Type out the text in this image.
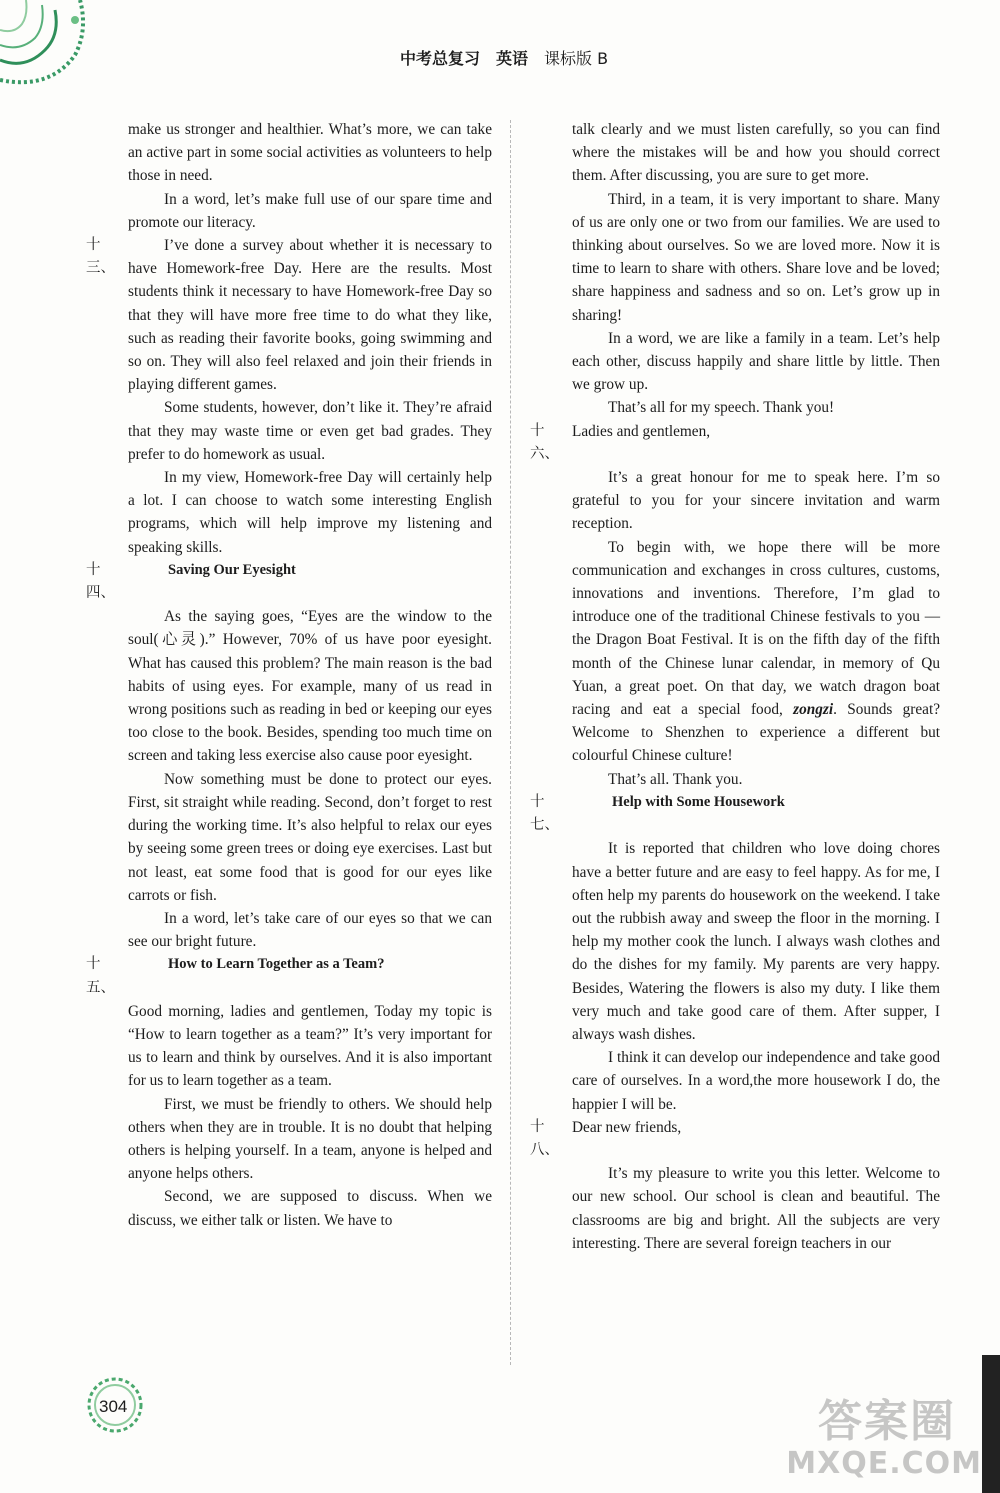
中考总复习 英语 课标版 B

make us stronger and healthier. What’s more, we can take an active part in some social activities as volunteers to help those in need.

In a word, let’s make full use of our spare time and promote our literacy.

十三、
I’ve done a survey about whether it is necessary to have Homework-free Day. Here are the results. Most students think it necessary to have Homework-free Day so that they will have more free time to do what they like, such as reading their favorite books, going swimming and so on. They will also feel relaxed and join their friends in playing different games.

Some students, however, don’t like it. They’re afraid that they may waste time or even get bad grades. They prefer to do homework as usual.

In my view, Homework-free Day will certainly help a lot. I can choose to watch some interesting English programs, which will help improve my listening and speaking skills.

十四、
Saving Our Eyesight

As the saying goes, “Eyes are the window to the soul(心灵).” However, 70% of us have poor eyesight. What has caused this problem? The main reason is the bad habits of using eyes. For example, many of us read in wrong positions such as reading in bed or keeping our eyes too close to the book. Besides, spending too much time on screen and taking less exercise also cause poor eyesight.

Now something must be done to protect our eyes. First, sit straight while reading. Second, don’t forget to rest during the working time. It’s also helpful to relax our eyes by seeing some green trees or doing eye exercises. Last but not least, eat some food that is good for our eyes like carrots or fish.

In a word, let’s take care of our eyes so that we can see our bright future.

十五、
How to Learn Together as a Team?

Good morning, ladies and gentlemen, Today my topic is “How to learn together as a team?” It’s very important for us to learn and think by ourselves. And it is also important for us to learn together as a team.

First, we must be friendly to others. We should help others when they are in trouble. It is no doubt that helping others is helping yourself. In a team, anyone is helped and anyone helps others.

Second, we are supposed to discuss. When we discuss, we either talk or listen. We have to

talk clearly and we must listen carefully, so you can find where the mistakes will be and how you should correct them. After discussing, you are sure to get more.

Third, in a team, it is very important to share. Many of us are only one or two from our families. We are used to thinking about ourselves. So we are loved more. Now it is time to learn to share with others. Share love and be loved; share happiness and sadness and so on. Let’s grow up in sharing!

In a word, we are like a family in a team. Let’s help each other, discuss happily and share little by little. Then we grow up.

That’s all for my speech. Thank you!

十六、
Ladies and gentlemen,

It’s a great honour for me to speak here. I’m so grateful to you for your sincere invitation and warm reception.

To begin with, we hope there will be more communication and exchanges in cross cultures, customs, innovations and inventions. Therefore, I’m glad to introduce one of the traditional Chinese festivals to you — the Dragon Boat Festival. It is on the fifth day of the fifth month of the Chinese lunar calendar, in memory of Qu Yuan, a great poet. On that day, we watch dragon boat racing and eat a special food, zongzi. Sounds great? Welcome to Shenzhen to experience a different but colourful Chinese culture!

That’s all. Thank you.

十七、
Help with Some Housework

It is reported that children who love doing chores have a better future and are easy to feel happy. As for me, I often help my parents do housework on the weekend. I take out the rubbish away and sweep the floor in the morning. I help my mother cook the lunch. I always wash clothes and do the dishes for my family. My parents are very happy. Besides, Watering the flowers is also my duty. I like them very much and take good care of them. After supper, I always wash dishes.

I think it can develop our independence and take good care of ourselves. In a word,the more housework I do, the happier I will be.

十八、
Dear new friends,

It’s my pleasure to write you this letter. Welcome to our new school. Our school is clean and beautiful. The classrooms are big and bright. All the subjects are very interesting. There are several foreign teachers in our

304	答案圈
MXQE.COM
